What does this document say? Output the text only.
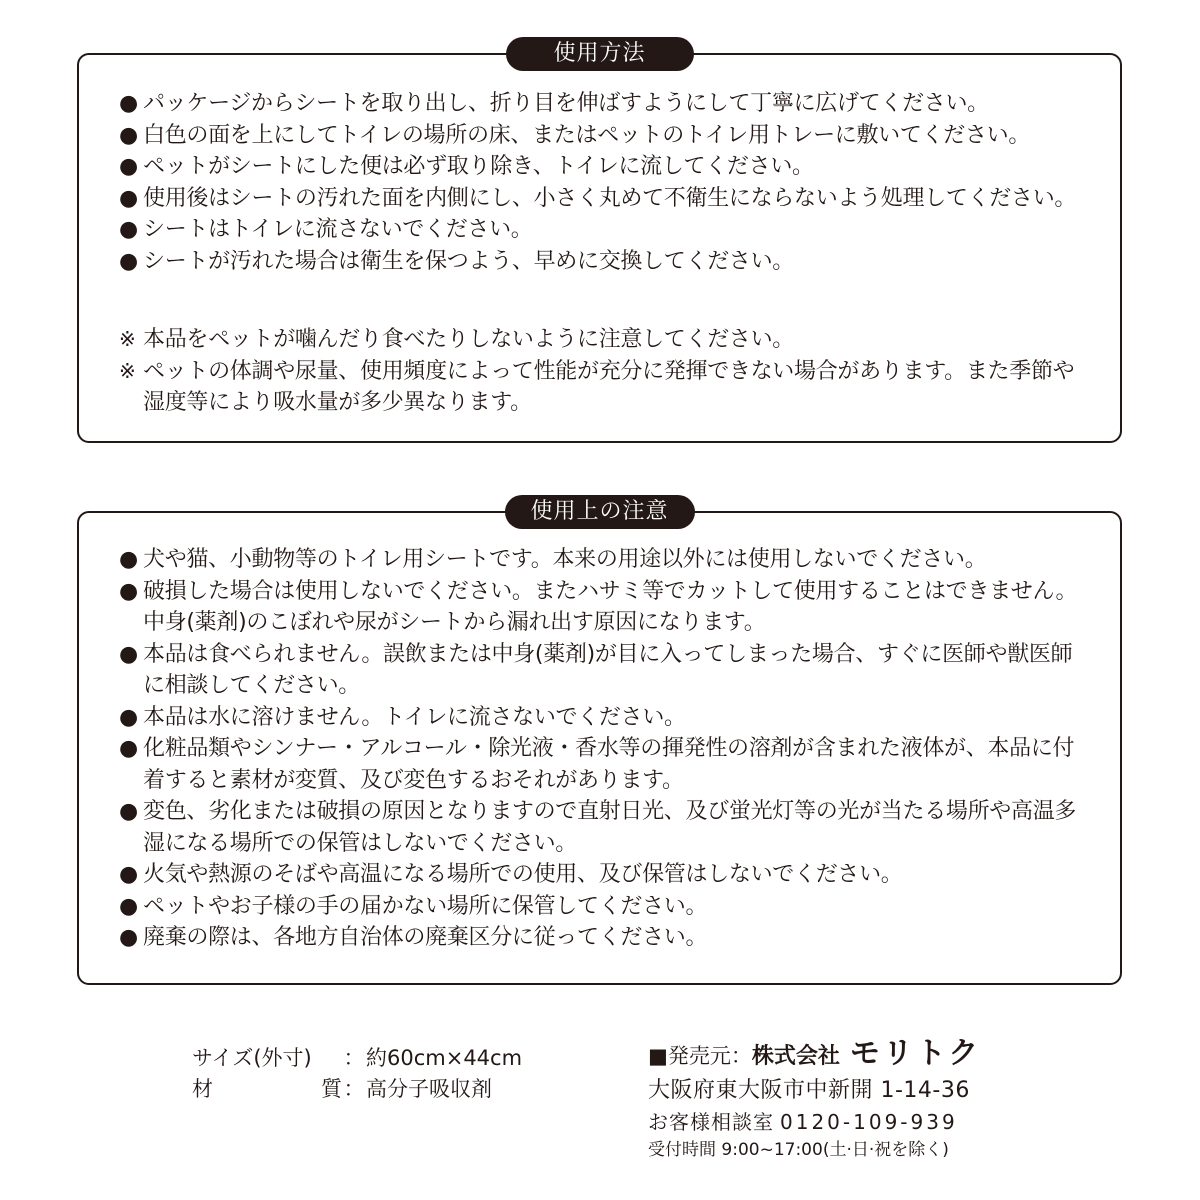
使用方法
● パッケージからシートを取り出し、折り目を伸ばすようにして丁寧に広げてください。
● 白色の面を上にしてトイレの場所の床、またはペットのトイレ用トレーに敷いてください。
● ペットがシートにした便は必ず取り除き、トイレに流してください。
● 使用後はシートの汚れた面を内側にし、小さく丸めて不衛生にならないよう処理してください。
● シートはトイレに流さないでください。
● シートが汚れた場合は衛生を保つよう、早めに交換してください。
※ 本品をペットが噛んだり食べたりしないように注意してください。
※ ペットの体調や尿量、使用頻度によって性能が充分に発揮できない場合があります。また季節や湿度等により吸水量が多少異なります。
使用上の注意
● 犬や猫、小動物等のトイレ用シートです。本来の用途以外には使用しないでください。
● 破損した場合は使用しないでください。またハサミ等でカットして使用することはできません。中身(薬剤)のこぼれや尿がシートから漏れ出す原因になります。
● 本品は食べられません。誤飲または中身(薬剤)が目に入ってしまった場合、すぐに医師や獣医師に相談してください。
● 本品は水に溶けません。トイレに流さないでください。
● 化粧品類やシンナー・アルコール・除光液・香水等の揮発性の溶剤が含まれた液体が、本品に付着すると素材が変質、及び変色するおそれがあります。
● 変色、劣化または破損の原因となりますので直射日光、及び蛍光灯等の光が当たる場所や高温多湿になる場所での保管はしないでください。
● 火気や熱源のそばや高温になる場所での使用、及び保管はしないでください。
● ペットやお子様の手の届かない場所に保管してください。
● 廃棄の際は、各地方自治体の廃棄区分に従ってください。
サイズ(外寸)	： 約60cm×44cm
材	質 ： 高分子吸収剤
■発売元：株式会社 モリトク
大阪府東大阪市中新開 1-14-36
お客様相談室 0120-109-939
受付時間 9:00~17:00(土·日·祝を除く)
